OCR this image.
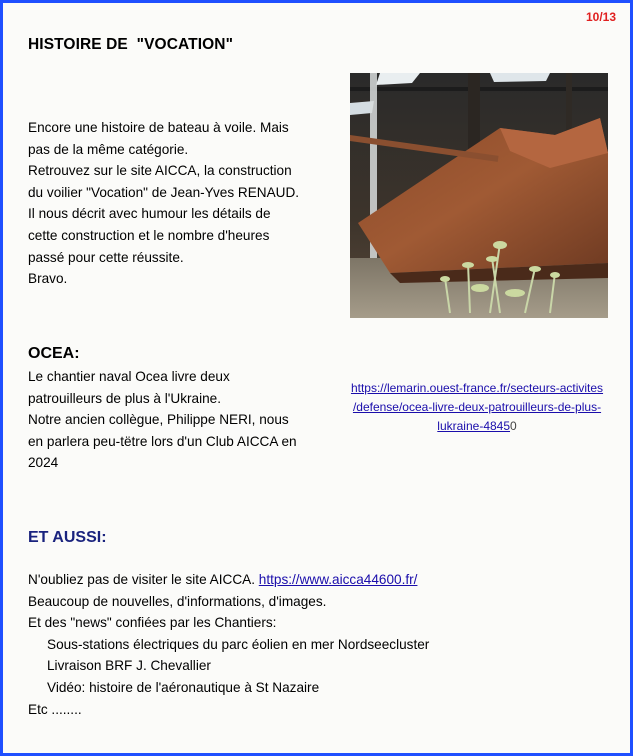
10/13
HISTOIRE DE  "VOCATION"
Encore une histoire de bateau à voile. Mais
pas de la même catégorie.
Retrouvez sur le site AICCA, la construction
du voilier "Vocation" de Jean-Yves RENAUD.
Il nous décrit avec humour les détails de
cette construction et le nombre d'heures
passé pour cette réussite.
Bravo.
OCEA:
Le chantier naval Ocea livre deux
patrouilleurs de plus à l'Ukraine.
Notre ancien collègue, Philippe NERI, nous
en parlera peu-tëtre lors d'un Club AICCA en
2024
https://lemarin.ouest-france.fr/secteurs-activites
/defense/ocea-livre-deux-patrouilleurs-de-plus-
lukraine-48450
ET AUSSI:
N'oubliez pas de visiter le site AICCA. https://www.aicca44600.fr/
Beaucoup de nouvelles, d'informations, d'images.
Et des "news" confiées par les Chantiers:
Sous-stations électriques du parc éolien en mer Nordseecluster
Livraison BRF J. Chevallier
Vidéo: histoire de l'aéronautique à St Nazaire
Etc ........
